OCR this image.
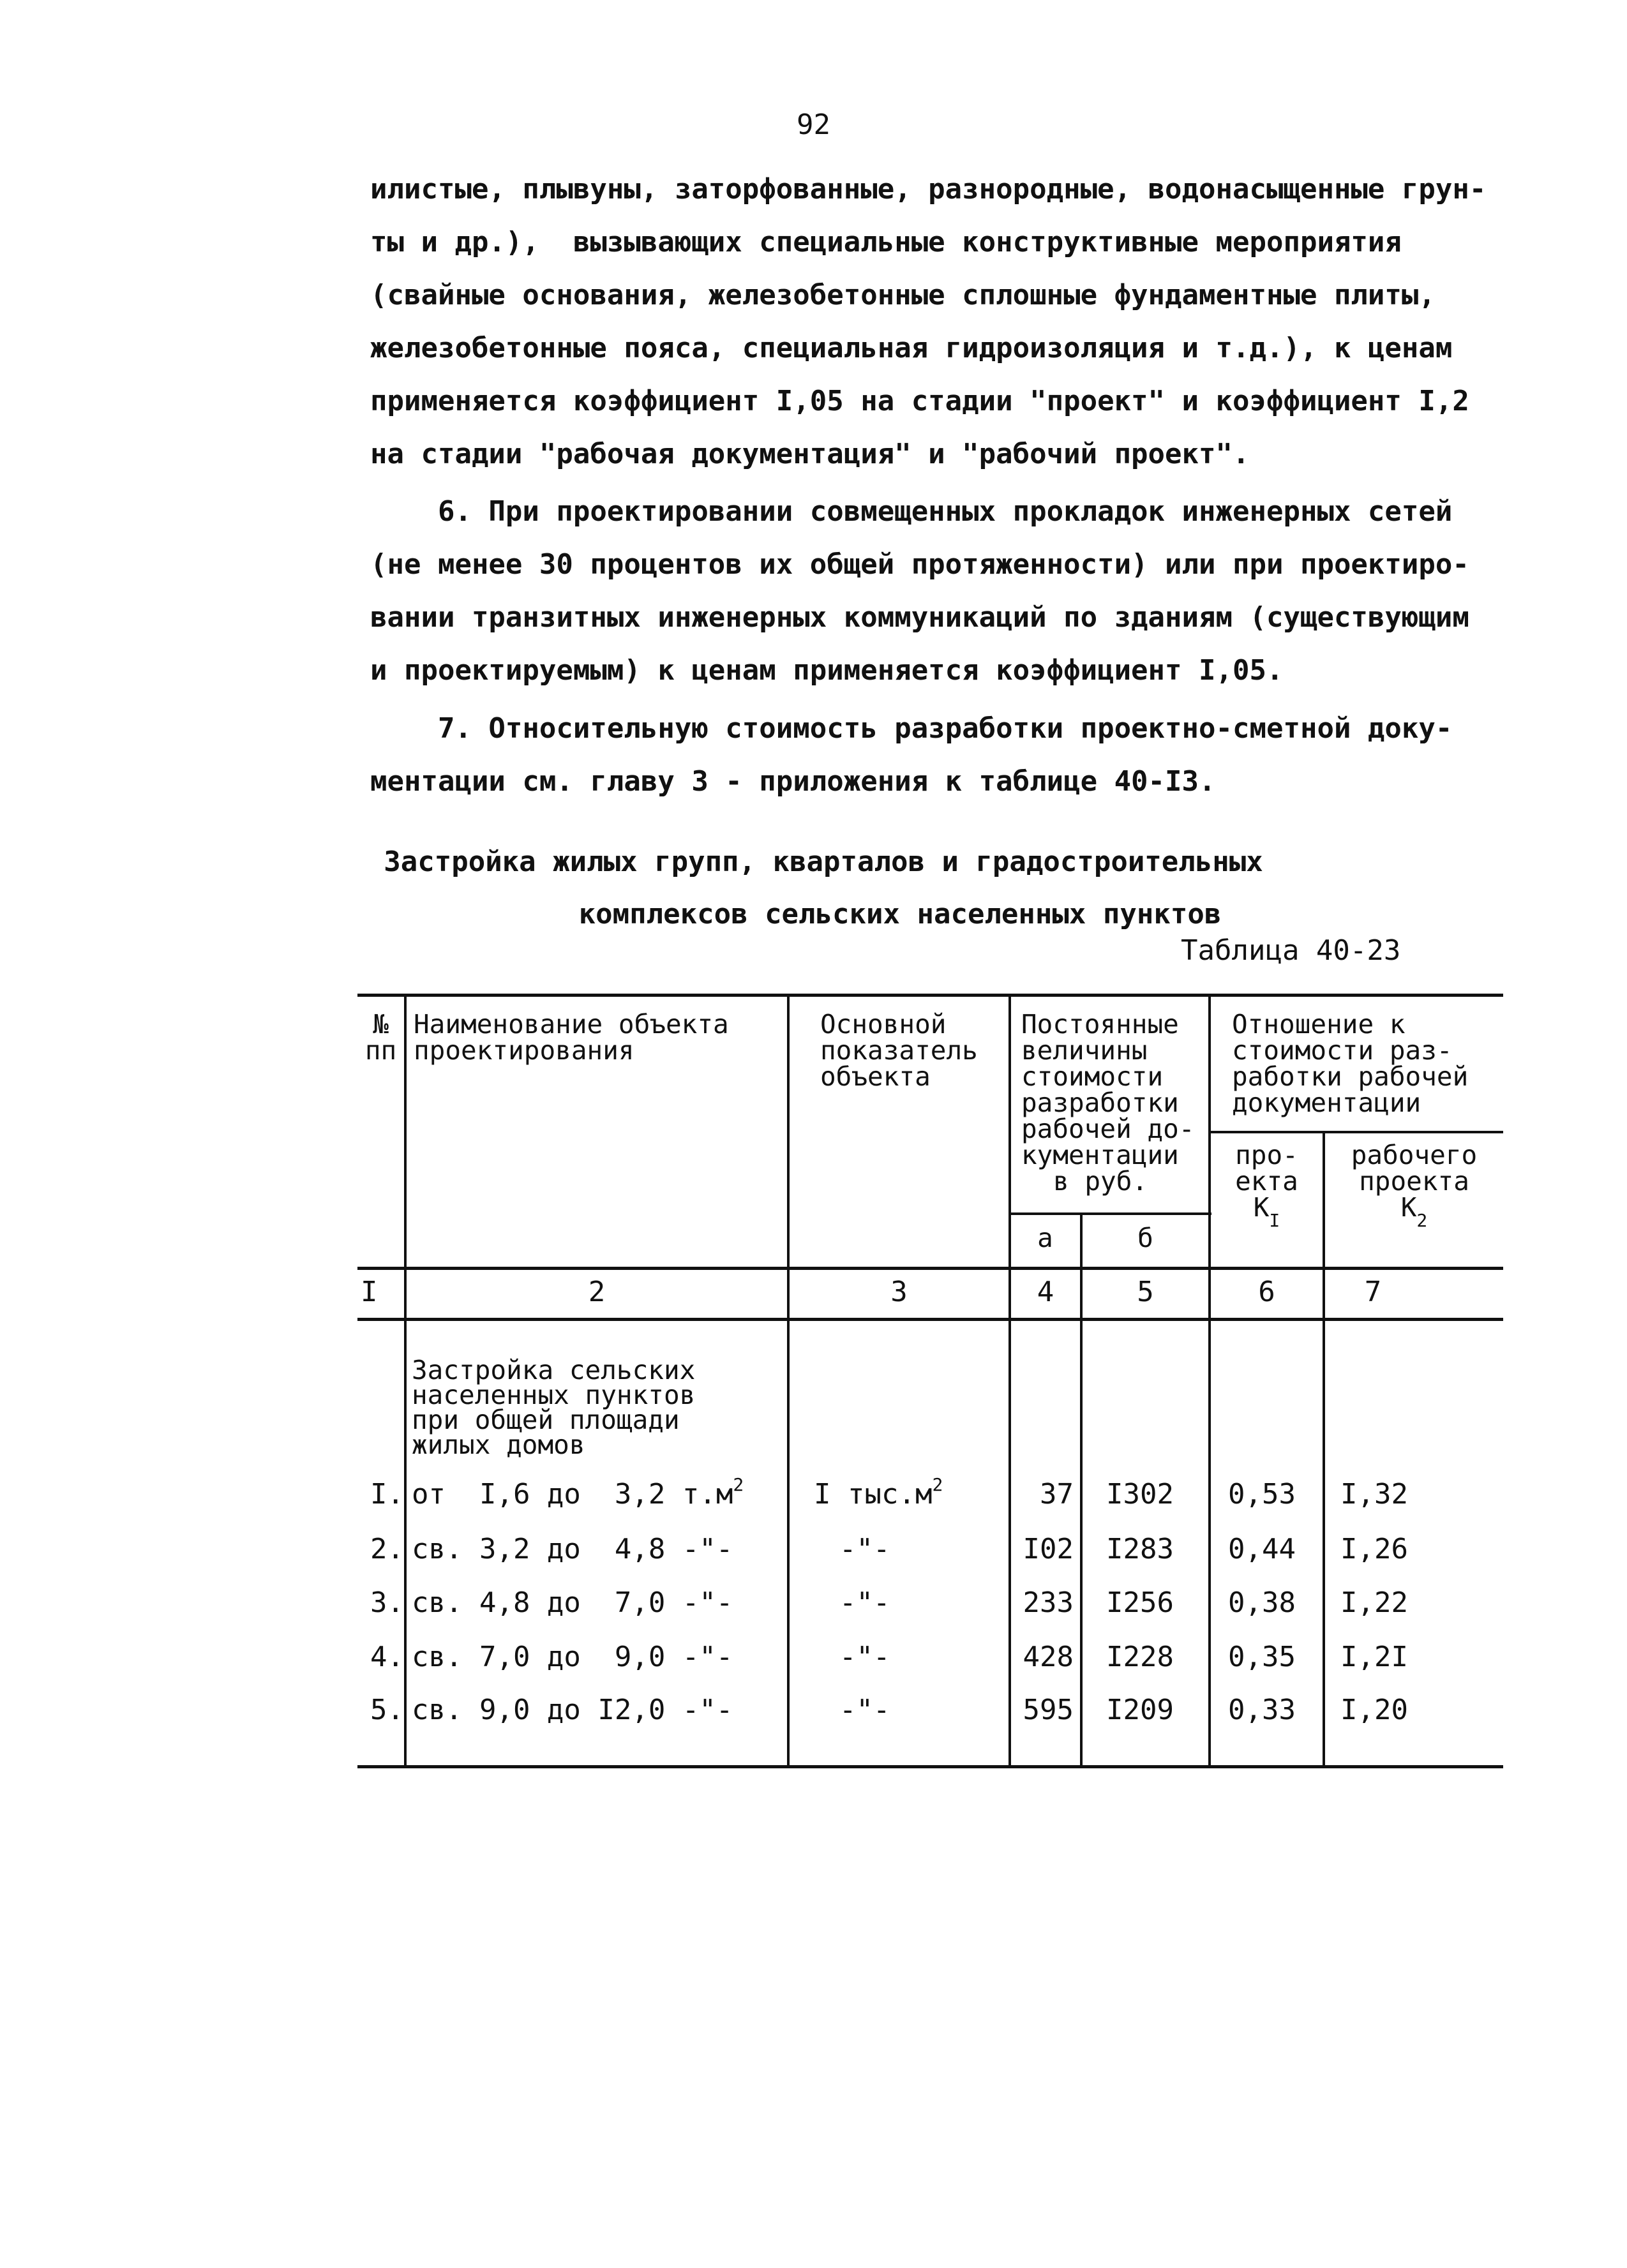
92
илистые, плывуны, заторфованные, разнородные, водонасыщенные грун-
ты и др.),  вызывающих специальные конструктивные мероприятия
(свайные основания, железобетонные сплошные фундаментные плиты,
железобетонные пояса, специальная гидроизоляция и т.д.), к ценам
применяется коэффициент I,05 на стадии "проект" и коэффициент I,2
на стадии "рабочая документация" и "рабочий проект".
6. При проектировании совмещенных прокладок инженерных сетей
(не менее 30 процентов их общей протяженности) или при проектиро-
вании транзитных инженерных коммуникаций по зданиям (существующим
и проектируемым) к ценам применяется коэффициент I,05.
7. Относительную стоимость разработки проектно-сметной доку-
ментации см. главу 3 - приложения к таблице 40-I3.
Застройка жилых групп, кварталов и градостроительных
комплексов сельских населенных пунктов
Таблица 40-23
№
пп
Наименование объекта
проектирования
Основной
показатель
объекта
Постоянные
величины
стоимости
разработки
рабочей до-
кументации
в руб.
а	б
Отношение к
стоимости раз-
работки рабочей
документации
про-
екта
КI
рабочего
проекта
К2
I	2	3	4	5	6	7
Застройка сельских
населенных пунктов
при общей площади
жилых домов
I. от  I,6 до  3,2 $т.м^2$	I $тыс.м^2$	37	I302	0,53	I,32
2. св. 3,2 до  4,8 -"-	-"-	I02	I283	0,44	I,26
3. св. 4,8 до  7,0 -"-	-"-	233	I256	0,38	I,22
4. св. 7,0 до  9,0 -"-	-"-	428	I228	0,35	I,2I
5. св. 9,0 до I2,0 -"-	-"-	595	I209	0,33	I,20
